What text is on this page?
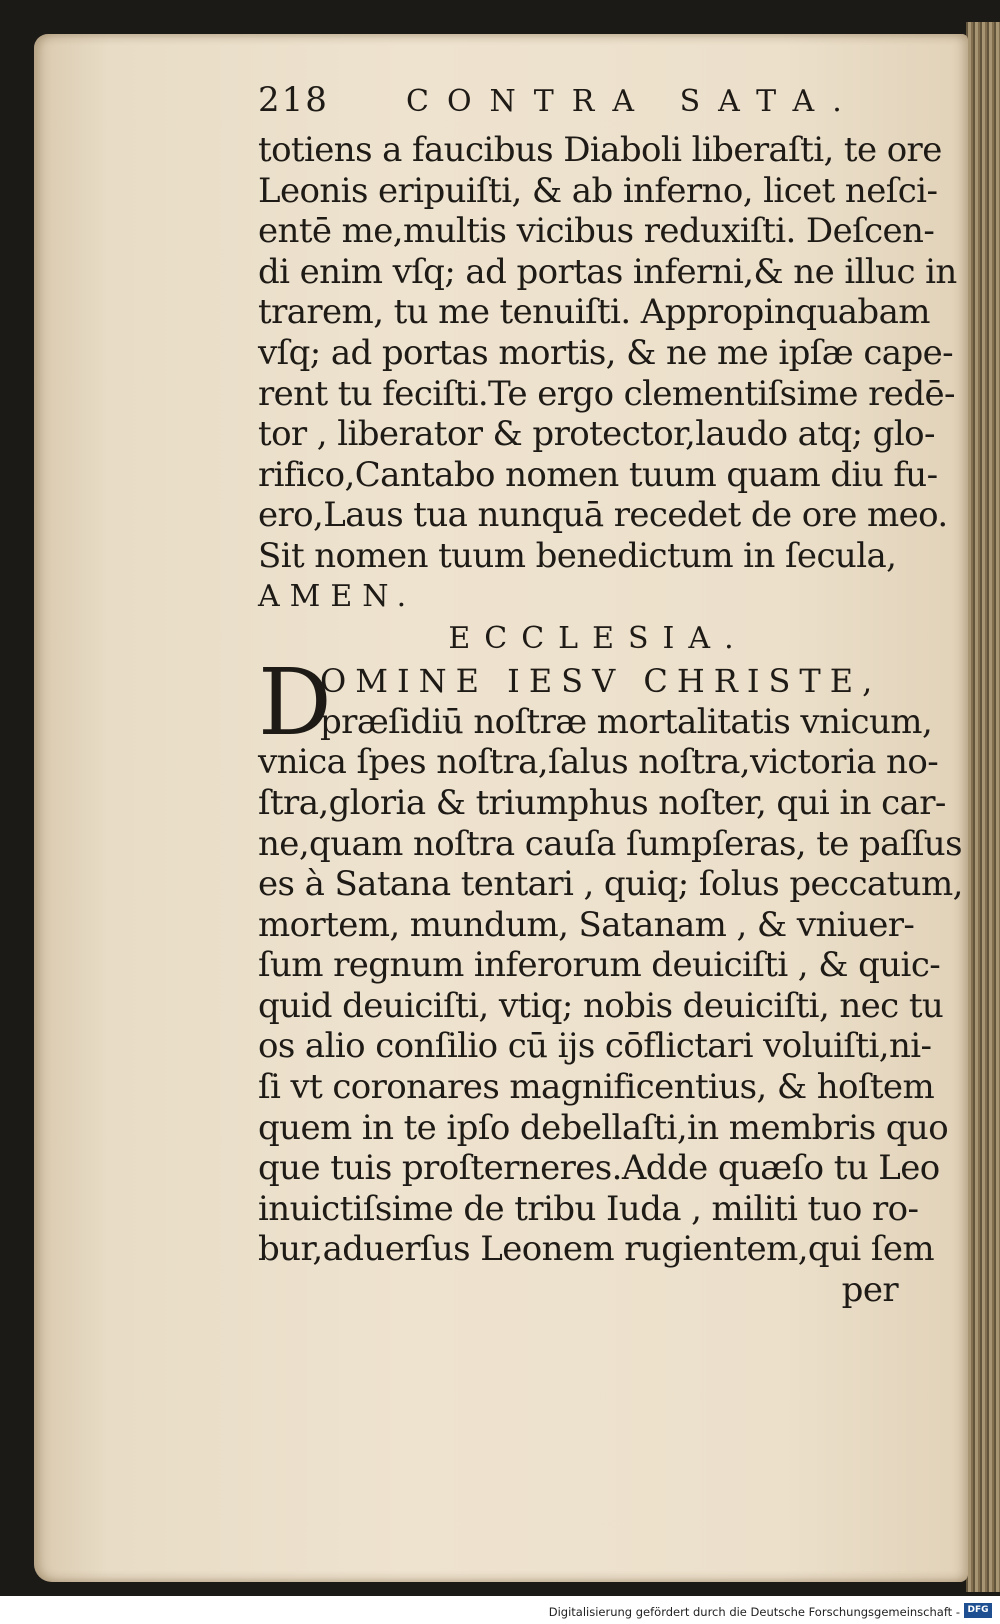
218	CONTRA SATA.
totiens a faucibus Diaboli liberaſti, te ore
Leonis eripuiſti, & ab inferno, licet neſci-
entē me,multis vicibus reduxiſti. Deſcen-
di enim vſq; ad portas inferni,& ne illuc in
trarem, tu me tenuiſti. Appropinquabam
vſq; ad portas mortis, & ne me ipſæ cape-
rent tu feciſti.Te ergo clementiſsime redē-
tor , liberator & protector,laudo atq; glo-
rifico,Cantabo nomen tuum quam diu fu-
ero,Laus tua nunquā recedet de ore meo.
Sit nomen tuum benedictum in ſecula,
AMEN.
ECCLESIA.
D
OMINE IESV CHRISTE,
præſidiū noſtræ mortalitatis vnicum,
vnica ſpes noſtra,ſalus noſtra,victoria no-
ſtra,gloria & triumphus noſter, qui in car-
ne,quam noſtra cauſa ſumpſeras, te paſſus
es à Satana tentari , quiq; ſolus peccatum,
mortem, mundum, Satanam , & vniuer-
ſum regnum inferorum deuiciſti , & quic-
quid deuiciſti, vtiq; nobis deuiciſti, nec tu
os alio conſilio cū ijs cōflictari voluiſti,ni-
ſi vt coronares magnificentius, & hoſtem
quem in te ipſo debellaſti,in membris quo
que tuis proſterneres.Adde quæſo tu Leo
inuictiſsime de tribu Iuda , militi tuo ro-
bur,aduerſus Leonem rugientem,qui ſem
per
Digitalisierung gefördert durch die Deutsche Forschungsgemeinschaft - DFG
